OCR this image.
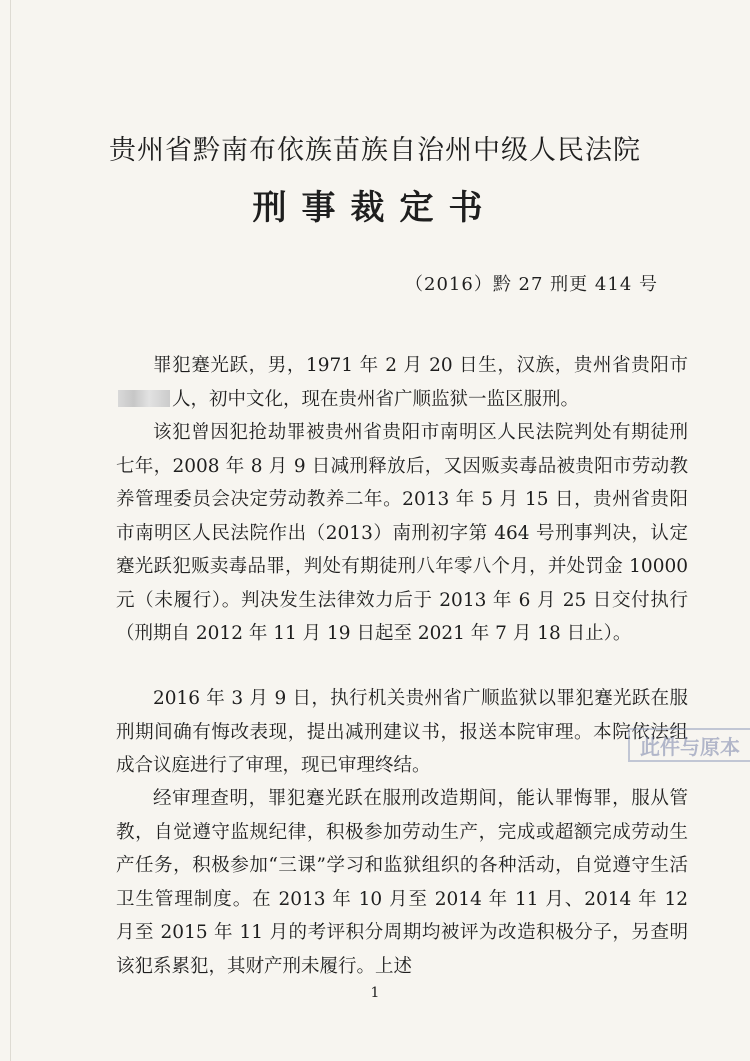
贵州省黔南布依族苗族自治州中级人民法院
刑事裁定书
（2016）黔 27 刑更 414 号

罪犯蹇光跃，男，1971 年 2 月 20 日生，汉族，贵州省贵阳市人，初中文化，现在贵州省广顺监狱一监区服刑。

该犯曾因犯抢劫罪被贵州省贵阳市南明区人民法院判处有期徒刑七年，2008 年 8 月 9 日减刑释放后，又因贩卖毒品被贵阳市劳动教养管理委员会决定劳动教养二年。2013 年 5 月 15 日，贵州省贵阳市南明区人民法院作出（2013）南刑初字第 464 号刑事判决，认定蹇光跃犯贩卖毒品罪，判处有期徒刑八年零八个月，并处罚金 10000 元（未履行）。判决发生法律效力后于 2013 年 6 月 25 日交付执行（刑期自 2012 年 11 月 19 日起至 2021 年 7 月 18 日止）。

2016 年 3 月 9 日，执行机关贵州省广顺监狱以罪犯蹇光跃在服刑期间确有悔改表现，提出减刑建议书，报送本院审理。本院依法组成合议庭进行了审理，现已审理终结。

此件与原本

经审理查明，罪犯蹇光跃在服刑改造期间，能认罪悔罪，服从管教，自觉遵守监规纪律，积极参加劳动生产，完成或超额完成劳动生产任务，积极参加“三课”学习和监狱组织的各种活动，自觉遵守生活卫生管理制度。在 2013 年 10 月至 2014 年 11 月、2014 年 12 月至 2015 年 11 月的考评积分周期均被评为改造积极分子，另查明该犯系累犯，其财产刑未履行。上述

1
